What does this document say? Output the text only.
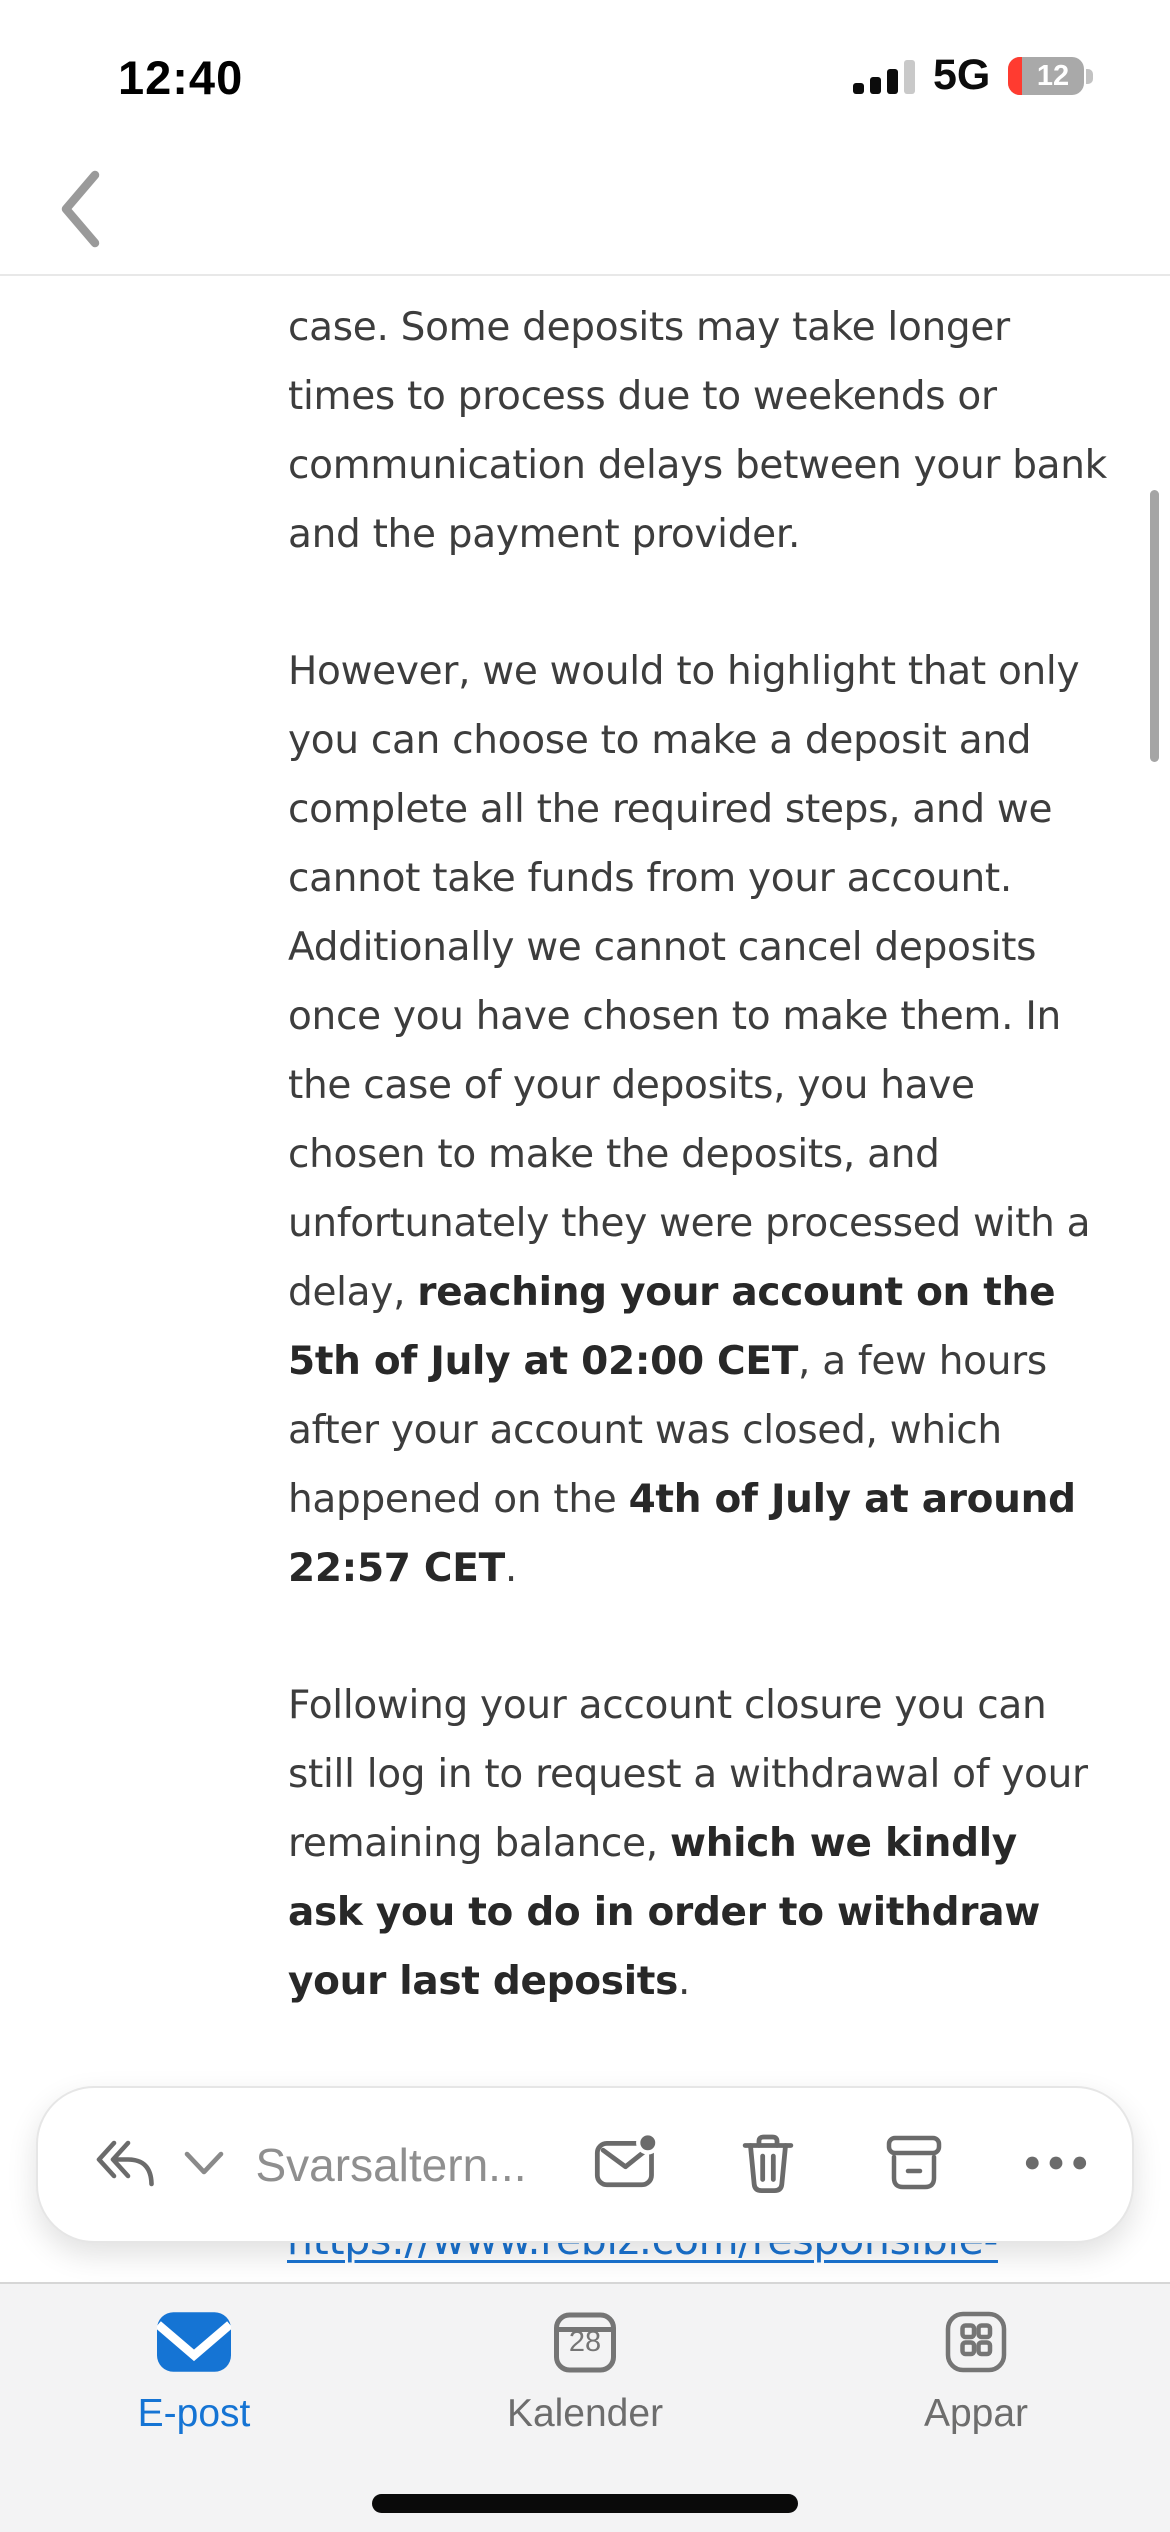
12:40	5G	12
case. Some deposits may take longer
times to process due to weekends or
communication delays between your bank
and the payment provider.
However, we would to highlight that only
you can choose to make a deposit and
complete all the required steps, and we
cannot take funds from your account.
Additionally we cannot cancel deposits
once you have chosen to make them. In
the case of your deposits, you have
chosen to make the deposits, and
unfortunately they were processed with a
delay, reaching your account on the
5th of July at 02:00 CET, a few hours
after your account was closed, which
happened on the 4th of July at around
22:57 CET.
Following your account closure you can
still log in to request a withdrawal of your
remaining balance, which we kindly
ask you to do in order to withdraw
your last deposits.
Svarsaltern...
E-post
28
Kalender	Appar
